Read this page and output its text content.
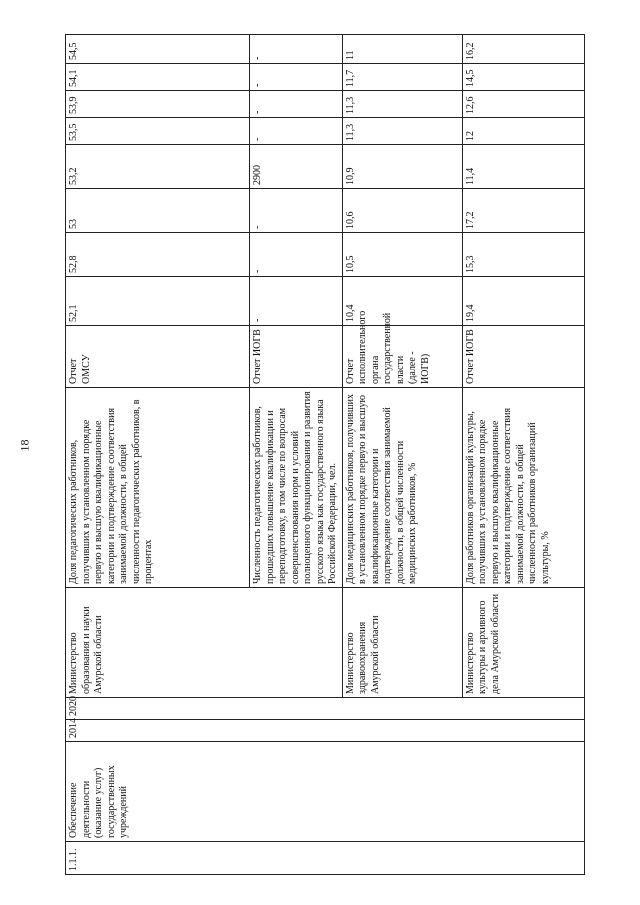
18
1.1.1.	Обеспечение деятельности (оказание услуг) государственных учреждений	2014	2020	Министерство образования и науки Амурской области	Доля педагогических работников, получивших в установленном порядке первую и высшую квалификационные категории и подтверждение соответствия занимаемой должности, в общей численности педагогических работников, в процентах	Отчет ОМСУ	52,1	52,8	53	53,2	53,5	53,9	54,1	54,5
					Численность педагогических работников, прошедших повышение квалификации и переподготовку, в том числе по вопросам совершенствования норм и условий полноценного функционирования и развития русского языка как государственного языка Российской Федерации, чел.	Отчет ИОГВ	-	-	-	2900	-	-	-	-
				Министерство здравоохранения Амурской области	Доля медицинских работников, получивших в установленном порядке первую и высшую квалификационные категории и подтверждение соответствия занимаемой должности, в общей численности медицинских работников, %	Отчет исполнительного органа государственной власти (далее - ИОГВ)	10,4	10,5	10,6	10,9	11,3	11,3	11,7	11
				Министерство культуры и архивного дела Амурской области	Доля работников организаций культуры, получивших в установленном порядке первую и высшую квалификационные категории и подтверждение соответствия занимаемой должности, в общей численности работников организаций культуры, %	Отчет ИОГВ	19,4	15,3	17,2	11,4	12	12,6	14,5	16,2
